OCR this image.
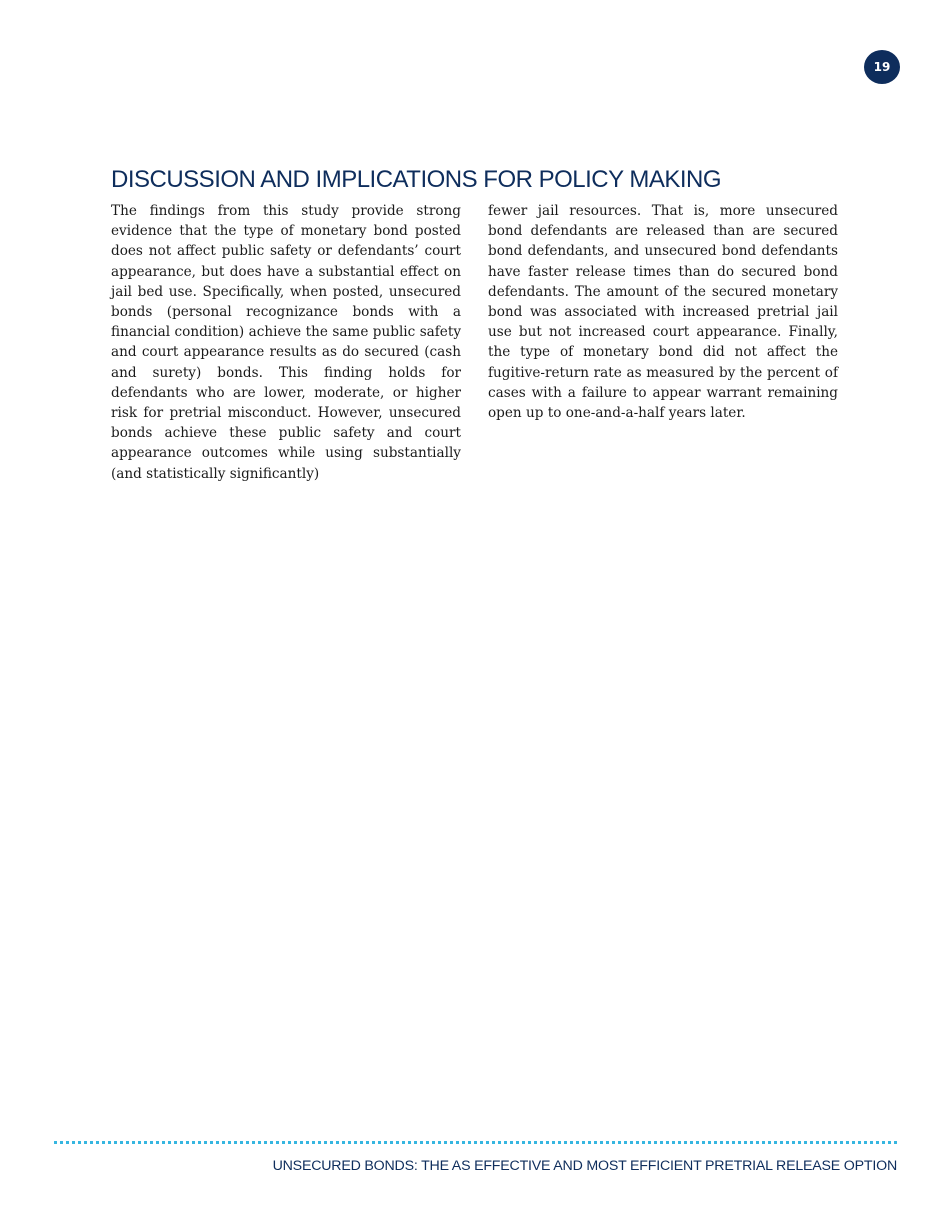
19
DISCUSSION AND IMPLICATIONS FOR POLICY MAKING

The findings from this study provide strong evidence that the type of monetary bond posted does not affect public safety or defendants’ court appearance, but does have a substantial effect on jail bed use. Specifically, when posted, unsecured bonds (personal recognizance bonds with a financial condition) achieve the same public safety and court appearance results as do secured (cash and surety) bonds. This finding holds for defendants who are lower, moderate, or higher risk for pretrial misconduct. However, unsecured bonds achieve these public safety and court appearance outcomes while using substantially (and statistically significantly)

fewer jail resources. That is, more unsecured bond defendants are released than are secured bond defendants, and unsecured bond defendants have faster release times than do secured bond defendants. The amount of the secured monetary bond was associated with increased pretrial jail use but not increased court appearance. Finally, the type of monetary bond did not affect the fugitive-return rate as measured by the percent of cases with a failure to appear warrant remaining open up to one-and-a-half years later.

UNSECURED BONDS: THE AS EFFECTIVE AND MOST EFFICIENT PRETRIAL RELEASE OPTION
